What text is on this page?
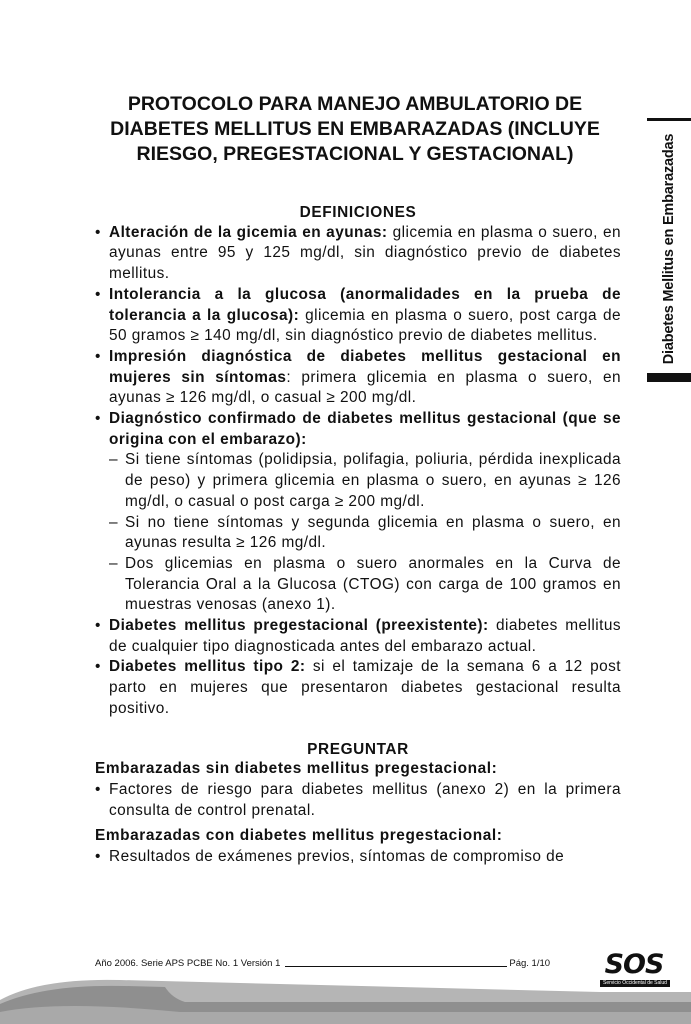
PROTOCOLO PARA MANEJO AMBULATORIO DE
DIABETES MELLITUS EN EMBARAZADAS (INCLUYE
RIESGO, PREGESTACIONAL Y GESTACIONAL)	Diabetes Mellitus en Embarazadas
DEFINICIONES
• Alteración de la gicemia en ayunas: glicemia en plasma o suero, en ayunas entre 95 y 125 mg/dl, sin diagnóstico previo de diabetes mellitus.
• Intolerancia a la glucosa (anormalidades en la prueba de tolerancia a la glucosa): glicemia en plasma o suero, post carga de 50 gramos ≥ 140 mg/dl, sin diagnóstico previo de diabetes mellitus.
• Impresión diagnóstica de diabetes mellitus gestacional en mujeres sin síntomas: primera glicemia en plasma o suero, en ayunas ≥ 126 mg/dl, o casual ≥ 200 mg/dl.
• Diagnóstico confirmado de diabetes mellitus gestacional (que se origina con el embarazo):
– Si tiene síntomas (polidipsia, polifagia, poliuria, pérdida inexplicada de peso) y primera glicemia en plasma o suero, en ayunas ≥ 126 mg/dl, o casual o post carga ≥ 200 mg/dl.
– Si no tiene síntomas y segunda glicemia en plasma o suero, en ayunas resulta ≥ 126 mg/dl.
– Dos glicemias en plasma o suero anormales en la Curva de Tolerancia Oral a la Glucosa (CTOG) con carga de 100 gramos en muestras venosas (anexo 1).
• Diabetes mellitus pregestacional (preexistente): diabetes mellitus de cualquier tipo diagnosticada antes del embarazo actual.
• Diabetes mellitus tipo 2: si el tamizaje de la semana 6 a 12 post parto en mujeres que presentaron diabetes gestacional resulta positivo.
PREGUNTAR
Embarazadas sin diabetes mellitus pregestacional:
• Factores de riesgo para diabetes mellitus (anexo 2) en la primera consulta de control prenatal.
Embarazadas con diabetes mellitus pregestacional:
• Resultados de exámenes previos, síntomas de compromiso de
Año 2006. Serie APS PCBE No. 1 Versión 1	Pág. 1/10	SOS
Servicio Occidental de Salud
